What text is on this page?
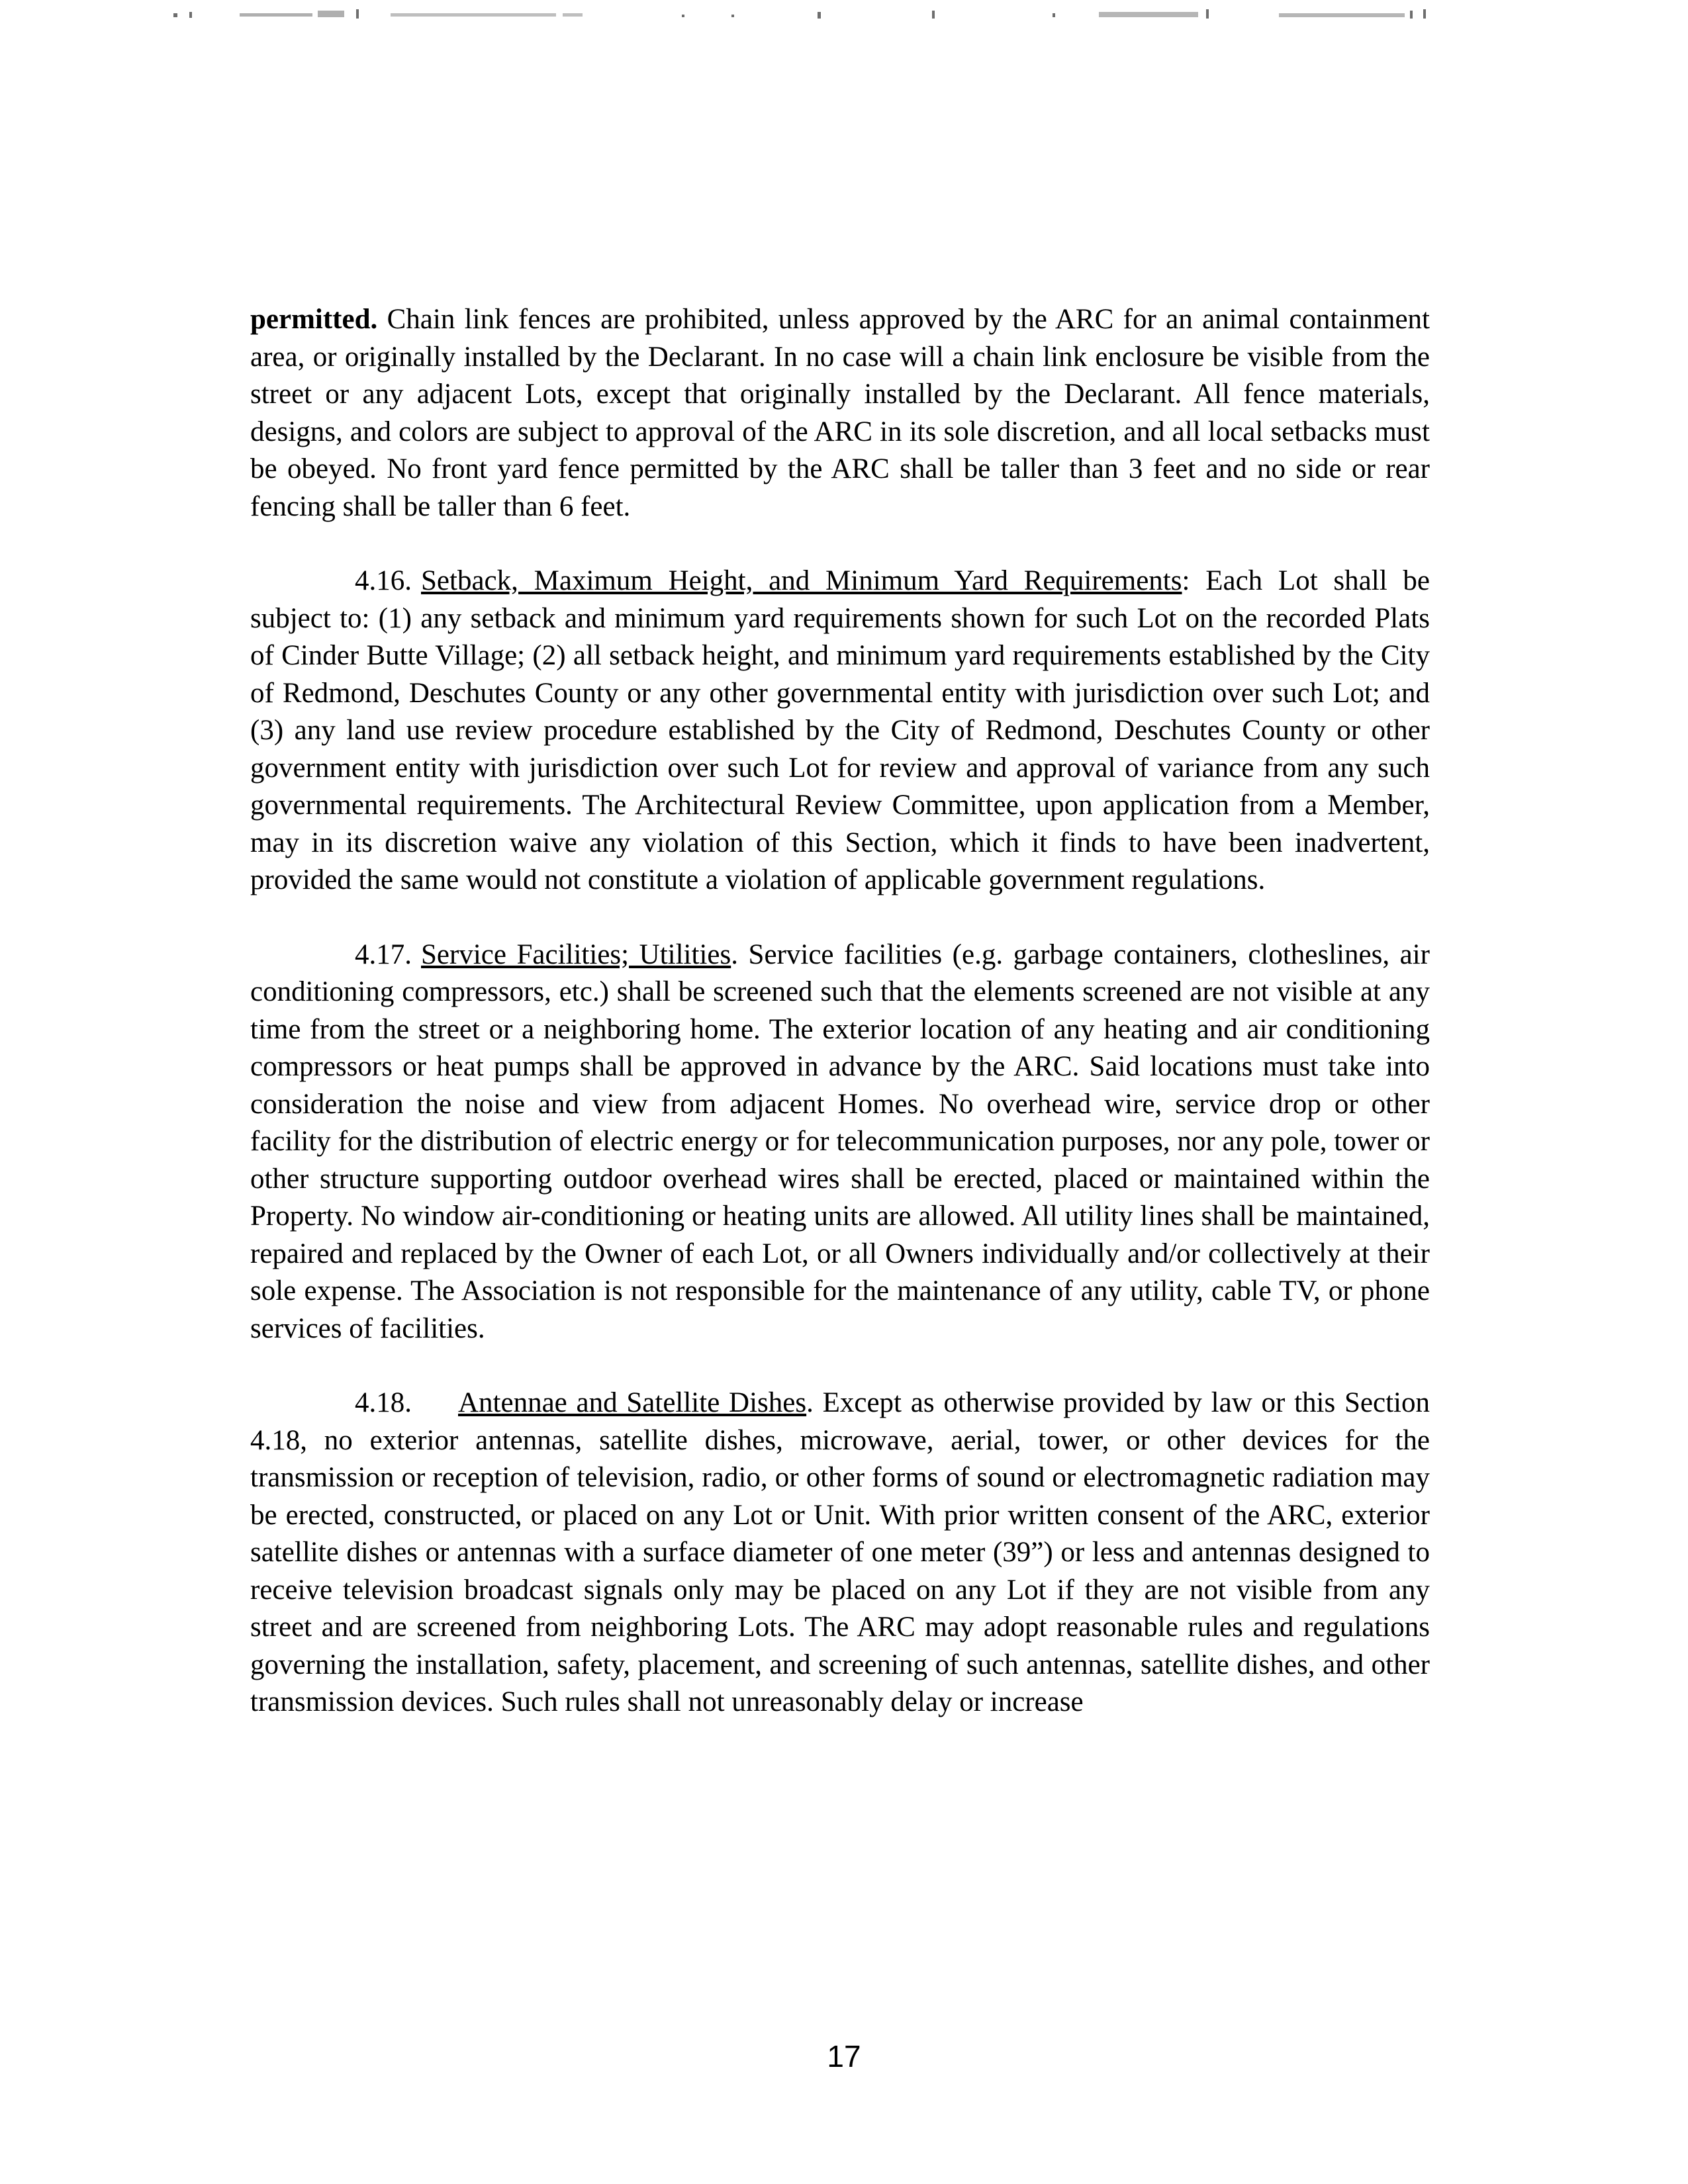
permitted. Chain link fences are prohibited, unless approved by the ARC for an animal containment area, or originally installed by the Declarant. In no case will a chain link enclosure be visible from the street or any adjacent Lots, except that originally installed by the Declarant. All fence materials, designs, and colors are subject to approval of the ARC in its sole discretion, and all local setbacks must be obeyed. No front yard fence permitted by the ARC shall be taller than 3 feet and no side or rear fencing shall be taller than 6 feet.

4.16. Setback, Maximum Height, and Minimum Yard Requirements: Each Lot shall be subject to: (1) any setback and minimum yard requirements shown for such Lot on the recorded Plats of Cinder Butte Village; (2) all setback height, and minimum yard requirements established by the City of Redmond, Deschutes County or any other governmental entity with jurisdiction over such Lot; and (3) any land use review procedure established by the City of Redmond, Deschutes County or other government entity with jurisdiction over such Lot for review and approval of variance from any such governmental requirements. The Architectural Review Committee, upon application from a Member, may in its discretion waive any violation of this Section, which it finds to have been inadvertent, provided the same would not constitute a violation of applicable government regulations.

4.17. Service Facilities; Utilities. Service facilities (e.g. garbage containers, clotheslines, air conditioning compressors, etc.) shall be screened such that the elements screened are not visible at any time from the street or a neighboring home. The exterior location of any heating and air conditioning compressors or heat pumps shall be approved in advance by the ARC. Said locations must take into consideration the noise and view from adjacent Homes. No overhead wire, service drop or other facility for the distribution of electric energy or for telecommunication purposes, nor any pole, tower or other structure supporting outdoor overhead wires shall be erected, placed or maintained within the Property. No window air-conditioning or heating units are allowed. All utility lines shall be maintained, repaired and replaced by the Owner of each Lot, or all Owners individually and/or collectively at their sole expense. The Association is not responsible for the maintenance of any utility, cable TV, or phone services of facilities.

4.18. Antennae and Satellite Dishes. Except as otherwise provided by law or this Section 4.18, no exterior antennas, satellite dishes, microwave, aerial, tower, or other devices for the transmission or reception of television, radio, or other forms of sound or electromagnetic radiation may be erected, constructed, or placed on any Lot or Unit. With prior written consent of the ARC, exterior satellite dishes or antennas with a surface diameter of one meter (39”) or less and antennas designed to receive television broadcast signals only may be placed on any Lot if they are not visible from any street and are screened from neighboring Lots. The ARC may adopt reasonable rules and regulations governing the installation, safety, placement, and screening of such antennas, satellite dishes, and other transmission devices. Such rules shall not unreasonably delay or increase

17
